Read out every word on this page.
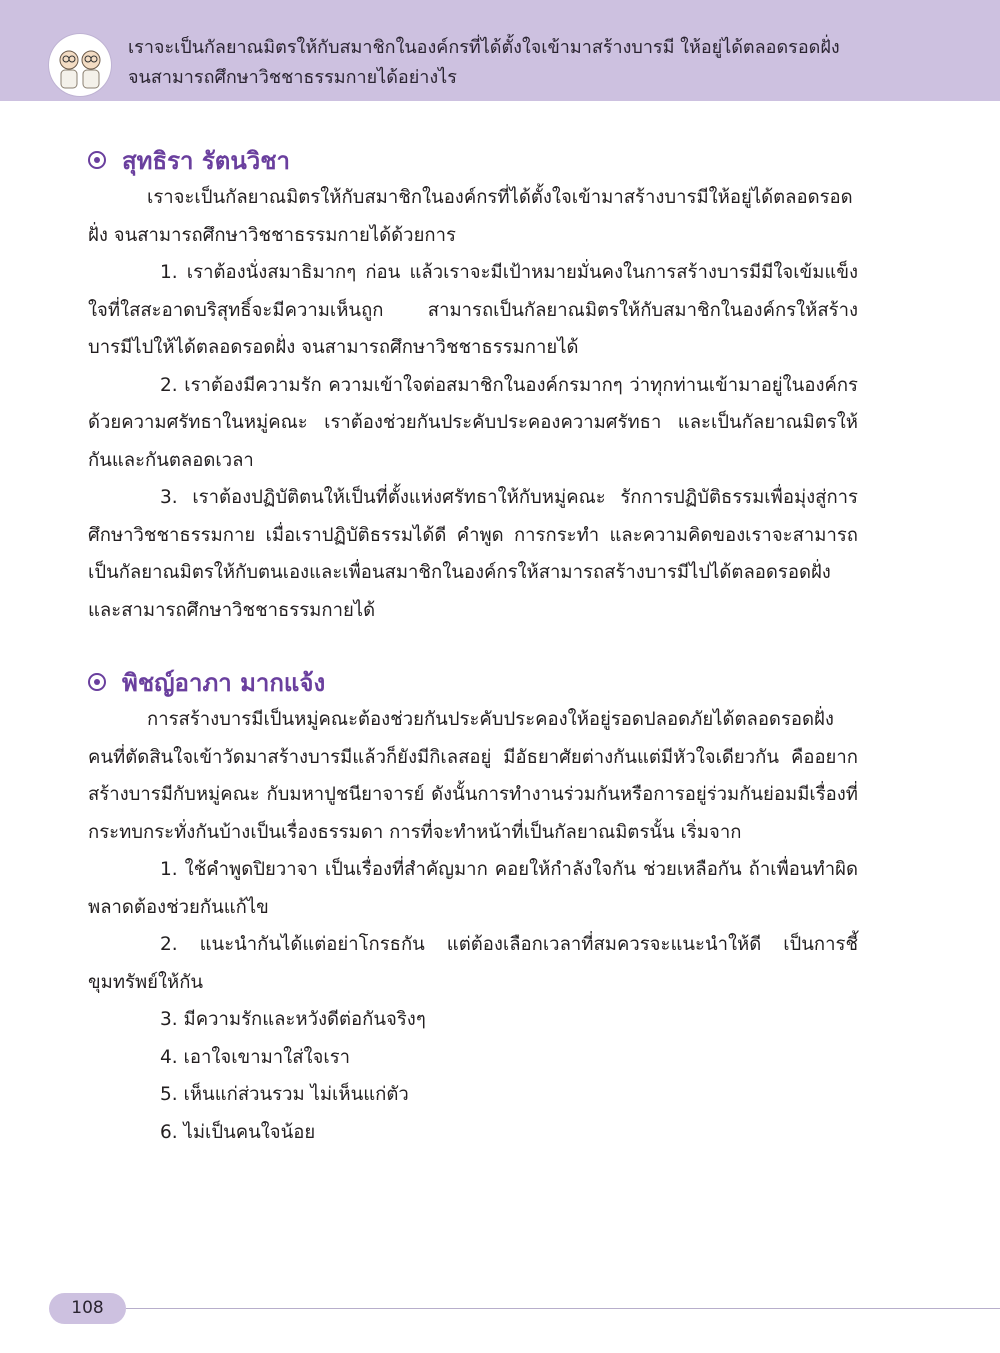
เราจะเป็นกัลยาณมิตรให้กับสมาชิกในองค์กรที่ได้ตั้งใจเข้ามาสร้างบารมี ให้อยู่ได้ตลอดรอดฝั่ง
จนสามารถศึกษาวิชชาธรรมกายได้อย่างไร
สุทธิรา รัตนวิชา

เราจะเป็นกัลยาณมิตรให้กับสมาชิกในองค์กรที่ได้ตั้งใจเข้ามาสร้างบารมีให้อยู่ได้ตลอดรอดฝั่ง จนสามารถศึกษาวิชชาธรรมกายได้ด้วยการ

1. เราต้องนั่งสมาธิมากๆ ก่อน แล้วเราจะมีเป้าหมายมั่นคงในการสร้างบารมีมีใจเข้มแข็ง ใจที่ใสสะอาดบริสุทธิ์จะมีความเห็นถูก สามารถเป็นกัลยาณมิตรให้กับสมาชิกในองค์กรให้สร้างบารมีไปให้ได้ตลอดรอดฝั่ง จนสามารถศึกษาวิชชาธรรมกายได้

2. เราต้องมีความรัก ความเข้าใจต่อสมาชิกในองค์กรมากๆ ว่าทุกท่านเข้ามาอยู่ในองค์กรด้วยความศรัทธาในหมู่คณะ เราต้องช่วยกันประคับประคองความศรัทธา และเป็นกัลยาณมิตรให้กันและกันตลอดเวลา

3. เราต้องปฏิบัติตนให้เป็นที่ตั้งแห่งศรัทธาให้กับหมู่คณะ รักการปฏิบัติธรรมเพื่อมุ่งสู่การศึกษาวิชชาธรรมกาย เมื่อเราปฏิบัติธรรมได้ดี คำพูด การกระทำ และความคิดของเราจะสามารถเป็นกัลยาณมิตรให้กับตนเองและเพื่อนสมาชิกในองค์กรให้สามารถสร้างบารมีไปได้ตลอดรอดฝั่ง และสามารถศึกษาวิชชาธรรมกายได้

พิชญ์อาภา มากแจ้ง

การสร้างบารมีเป็นหมู่คณะต้องช่วยกันประคับประคองให้อยู่รอดปลอดภัยได้ตลอดรอดฝั่ง คนที่ตัดสินใจเข้าวัดมาสร้างบารมีแล้วก็ยังมีกิเลสอยู่ มีอัธยาศัยต่างกันแต่มีหัวใจเดียวกัน คืออยากสร้างบารมีกับหมู่คณะ กับมหาปูชนียาจารย์ ดังนั้นการทำงานร่วมกันหรือการอยู่ร่วมกันย่อมมีเรื่องที่กระทบกระทั่งกันบ้างเป็นเรื่องธรรมดา การที่จะทำหน้าที่เป็นกัลยาณมิตรนั้น เริ่มจาก

1. ใช้คำพูดปิยวาจา เป็นเรื่องที่สำคัญมาก คอยให้กำลังใจกัน ช่วยเหลือกัน ถ้าเพื่อนทำผิดพลาดต้องช่วยกันแก้ไข

2. แนะนำกันได้แต่อย่าโกรธกัน แต่ต้องเลือกเวลาที่สมควรจะแนะนำให้ดี เป็นการชี้ขุมทรัพย์ให้กัน

3. มีความรักและหวังดีต่อกันจริงๆ

4. เอาใจเขามาใส่ใจเรา

5. เห็นแก่ส่วนรวม ไม่เห็นแก่ตัว

6. ไม่เป็นคนใจน้อย

108
